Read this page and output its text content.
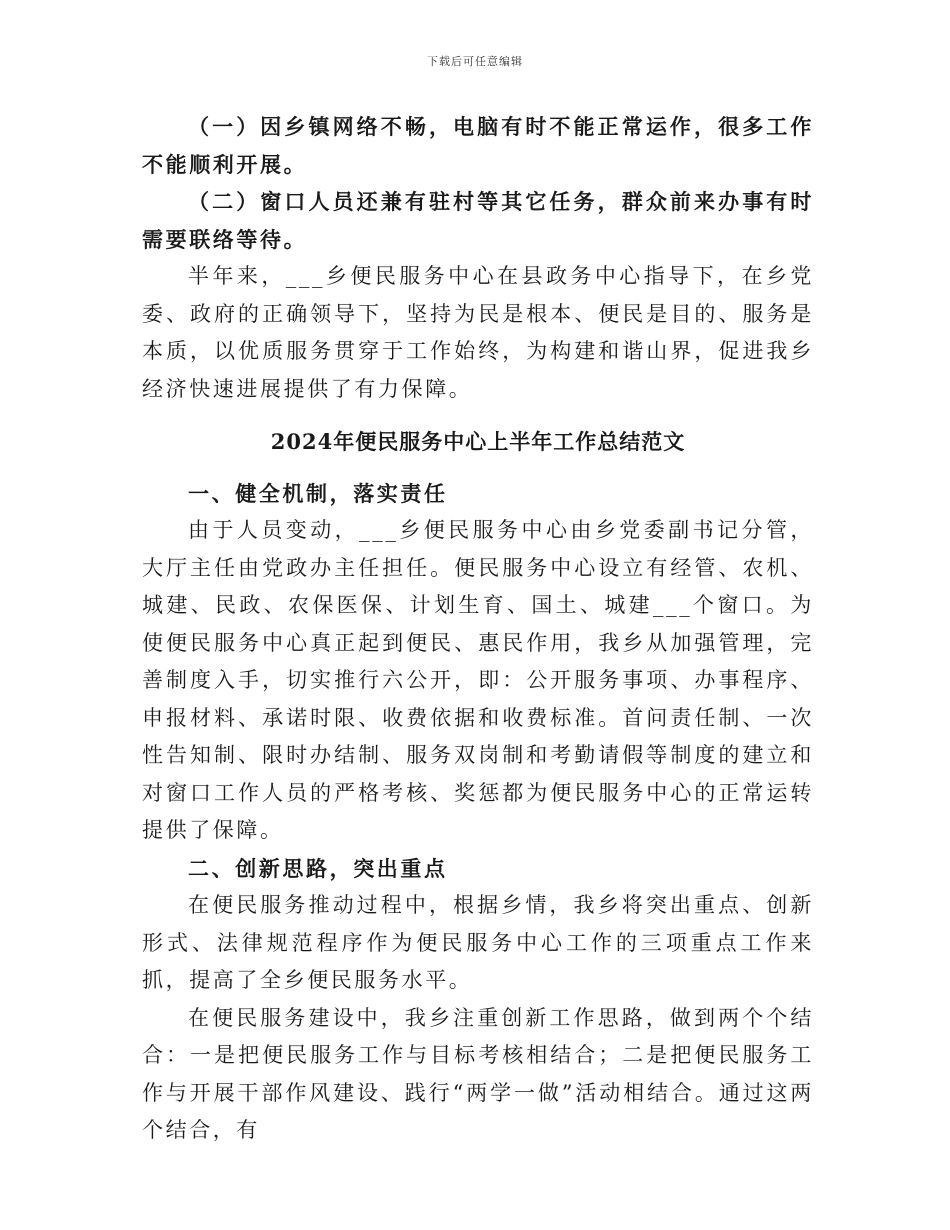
下载后可任意编辑

（一）因乡镇网络不畅，电脑有时不能正常运作，很多工作不能顺利开展。

（二）窗口人员还兼有驻村等其它任务，群众前来办事有时需要联络等待。

半年来，___乡便民服务中心在县政务中心指导下，在乡党委、政府的正确领导下，坚持为民是根本、便民是目的、服务是本质，以优质服务贯穿于工作始终，为构建和谐山界，促进我乡经济快速进展提供了有力保障。

2024年便民服务中心上半年工作总结范文

一、健全机制，落实责任

由于人员变动，___乡便民服务中心由乡党委副书记分管，大厅主任由党政办主任担任。便民服务中心设立有经管、农机、城建、民政、农保医保、计划生育、国土、城建___个窗口。为使便民服务中心真正起到便民、惠民作用，我乡从加强管理，完善制度入手，切实推行六公开，即：公开服务事项、办事程序、申报材料、承诺时限、收费依据和收费标准。首问责任制、一次性告知制、限时办结制、服务双岗制和考勤请假等制度的建立和对窗口工作人员的严格考核、奖惩都为便民服务中心的正常运转提供了保障。

二、创新思路，突出重点

在便民服务推动过程中，根据乡情，我乡将突出重点、创新形式、法律规范程序作为便民服务中心工作的三项重点工作来抓，提高了全乡便民服务水平。

在便民服务建设中，我乡注重创新工作思路，做到两个个结合：一是把便民服务工作与目标考核相结合；二是把便民服务工作与开展干部作风建设、践行“两学一做”活动相结合。通过这两个结合，有
